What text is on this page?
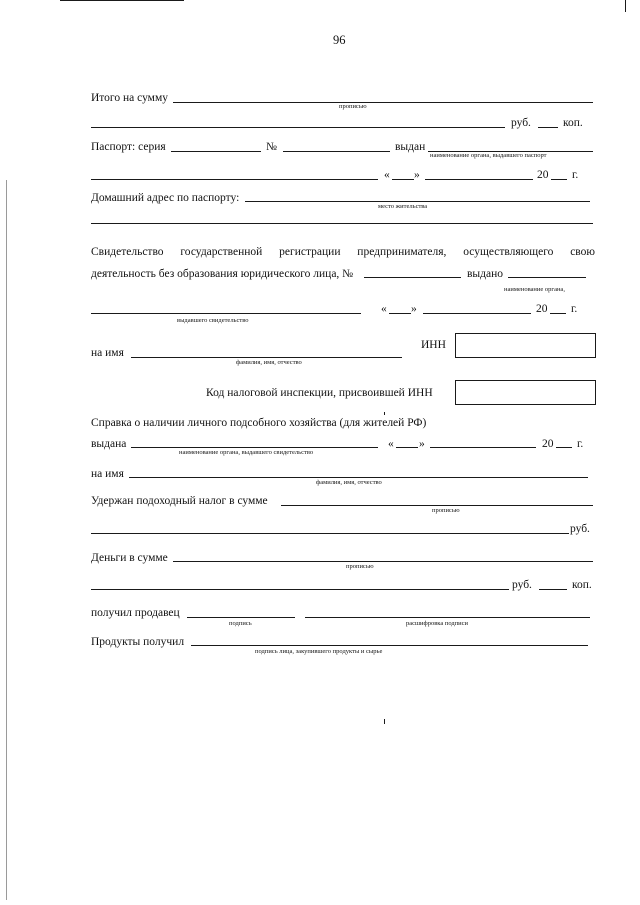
96
Итого на сумму
прописью
руб.	коп.
Паспорт: серия	№	выдан
наименование органа, выдавшего паспорт
« »	20 г.
Домашний адрес по паспорту:
место жительства
Свидетельство государственной регистрации предпринимателя, осуществляющего свою
деятельность без образования юридического лица, №	выдано
наименование органа,
« »	20 г.
выдавшего свидетельство
на имя
фамилия, имя, отчество
ИНН
Код налоговой инспекции, присвоившей ИНН
Справка о наличии личного подсобного хозяйства (для жителей РФ)
выдана
наименование органа, выдавшего свидетельство
« »	20 г.
на имя
фамилия, имя, отчество
Удержан подоходный налог в сумме
прописью
руб.
Деньги в сумме
прописью
руб.	коп.
получил продавец
подпись	расшифровка подписи
Продукты получил
подпись лица, закупившего продукты и сырье
